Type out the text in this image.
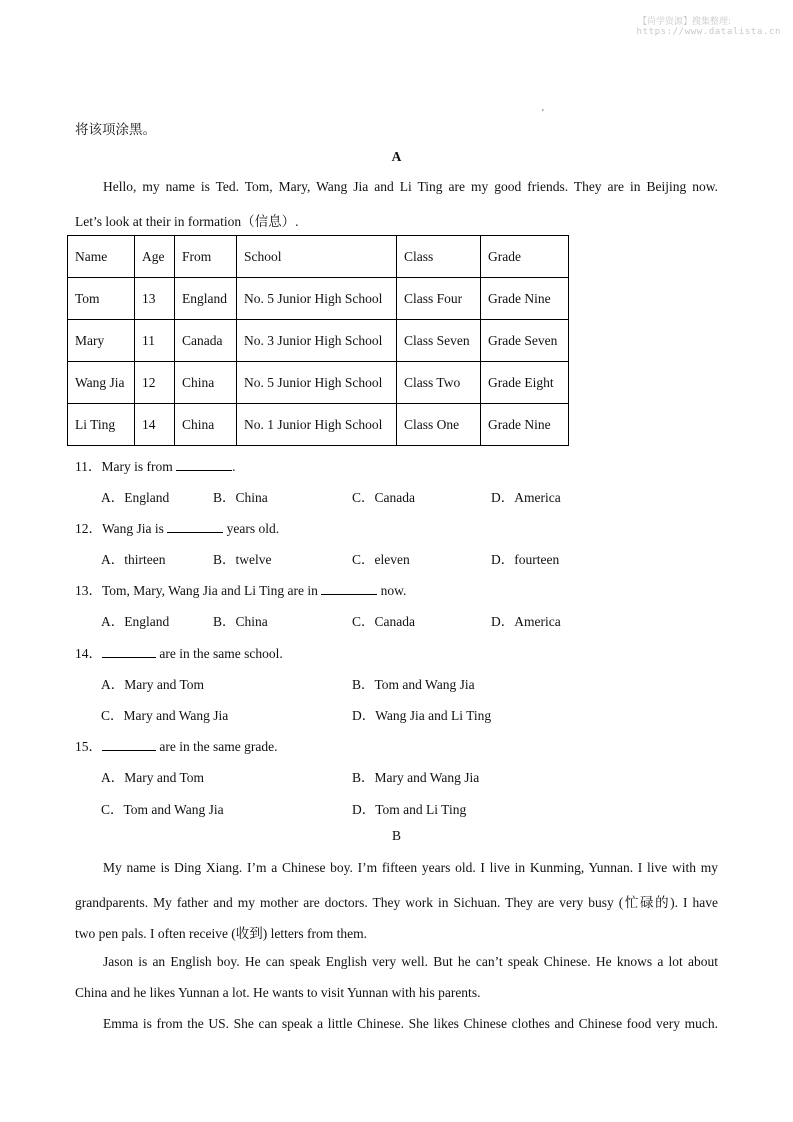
【尚学资源】搜集整理:
https://www.datalista.cn
'
将该项涂黑。
A
Hello, my name is Ted. Tom, Mary, Wang Jia and Li Ting are my good friends. They are in Beijing now.
Let’s look at their in formation（信息）.
Name	Age	From	School	Class	Grade
Tom	13	England	No. 5 Junior High School	Class Four	Grade Nine
Mary	11	Canada	No. 3 Junior High School	Class Seven	Grade Seven
Wang Jia	12	China	No. 5 Junior High School	Class Two	Grade Eight
Li Ting	14	China	No. 1 Junior High School	Class One	Grade Nine
11．Mary is from	.
A．England	B．China	C．Canada	D．America
12．Wang Jia is	years old.
A．thirteen	B．twelve	C．eleven	D．fourteen
13．Tom, Mary, Wang Jia and Li Ting are in	now.
A．England	B．China	C．Canada	D．America
14．	are in the same school.
A．Mary and Tom	B．Tom and Wang Jia
C．Mary and Wang Jia	D．Wang Jia and Li Ting
15．	are in the same grade.
A．Mary and Tom	B．Mary and Wang Jia
C．Tom and Wang Jia	D．Tom and Li Ting
B
My name is Ding Xiang. I’m a Chinese boy. I’m fifteen years old. I live in Kunming, Yunnan. I live with my
grandparents. My father and my mother are doctors. They work in Sichuan. They are very busy (忙碌的). I have
two pen pals. I often receive (收到) letters from them.
Jason is an English boy. He can speak English very well. But he can’t speak Chinese. He knows a lot about
China and he likes Yunnan a lot. He wants to visit Yunnan with his parents.
Emma is from the US. She can speak a little Chinese. She likes Chinese clothes and Chinese food very much.
